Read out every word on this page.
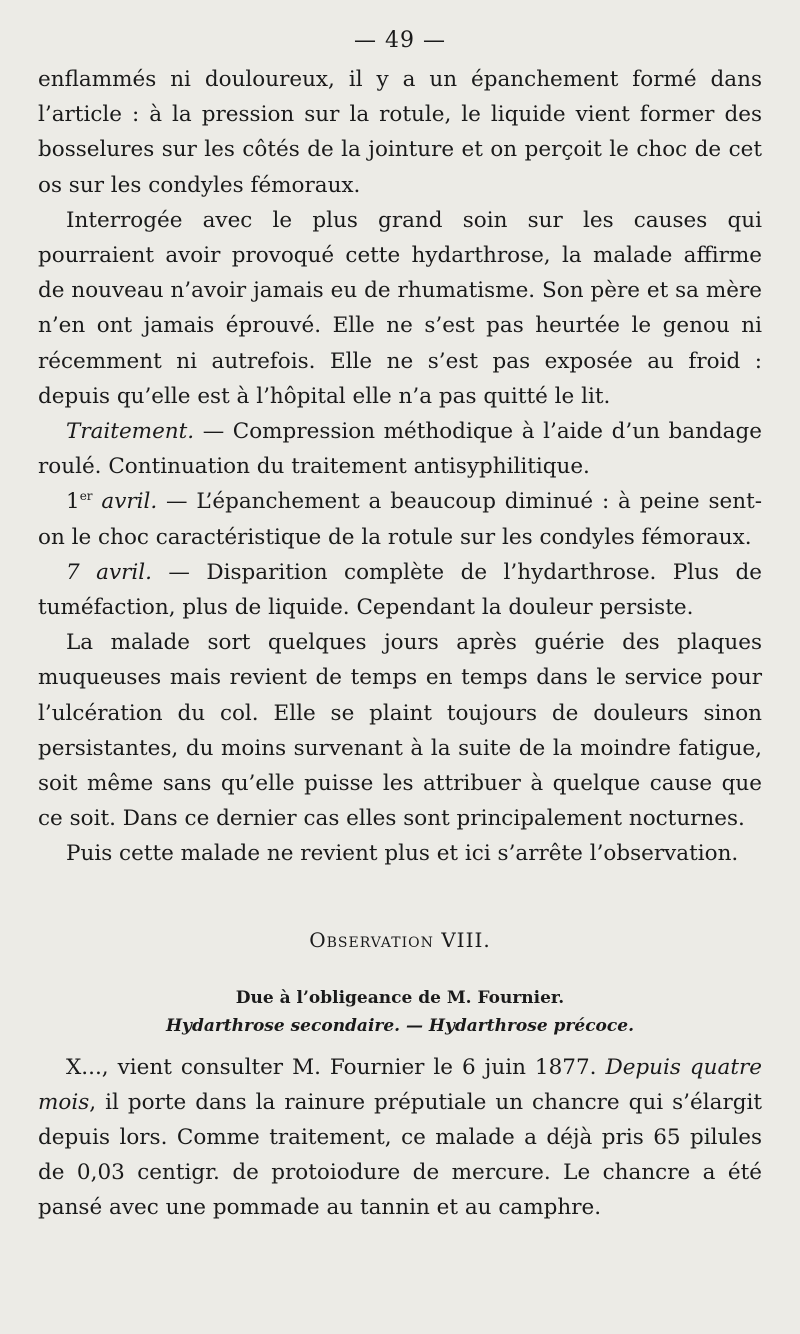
— 49 —

enflammés ni douloureux, il y a un épanchement formé dans l’article : à la pression sur la rotule, le liquide vient former des bosselures sur les côtés de la jointure et on perçoit le choc de cet os sur les condyles fémoraux.

Interrogée avec le plus grand soin sur les causes qui pourraient avoir provoqué cette hydarthrose, la malade affirme de nouveau n’avoir jamais eu de rhumatisme. Son père et sa mère n’en ont jamais éprouvé. Elle ne s’est pas heurtée le genou ni récemment ni autrefois. Elle ne s’est pas exposée au froid : depuis qu’elle est à l’hôpital elle n’a pas quitté le lit.

Traitement. — Compression méthodique à l’aide d’un bandage roulé. Continuation du traitement antisyphilitique.

1er avril. — L’épanchement a beaucoup diminué : à peine sent-on le choc caractéristique de la rotule sur les condyles fémoraux.

7 avril. — Disparition complète de l’hydarthrose. Plus de tuméfaction, plus de liquide. Cependant la douleur persiste.

La malade sort quelques jours après guérie des plaques muqueuses mais revient de temps en temps dans le service pour l’ulcération du col. Elle se plaint toujours de douleurs sinon persistantes, du moins survenant à la suite de la moindre fatigue, soit même sans qu’elle puisse les attribuer à quelque cause que ce soit. Dans ce dernier cas elles sont principalement nocturnes.

Puis cette malade ne revient plus et ici s’arrête l’observation.

Observation VIII.
Due à l’obligeance de M. Fournier.
Hydarthrose secondaire. — Hydarthrose précoce.

X..., vient consulter M. Fournier le 6 juin 1877. Depuis quatre mois, il porte dans la rainure préputiale un chancre qui s’élargit depuis lors. Comme traitement, ce malade a déjà pris 65 pilules de 0,03 centigr. de protoiodure de mercure. Le chancre a été pansé avec une pommade au tannin et au camphre.
